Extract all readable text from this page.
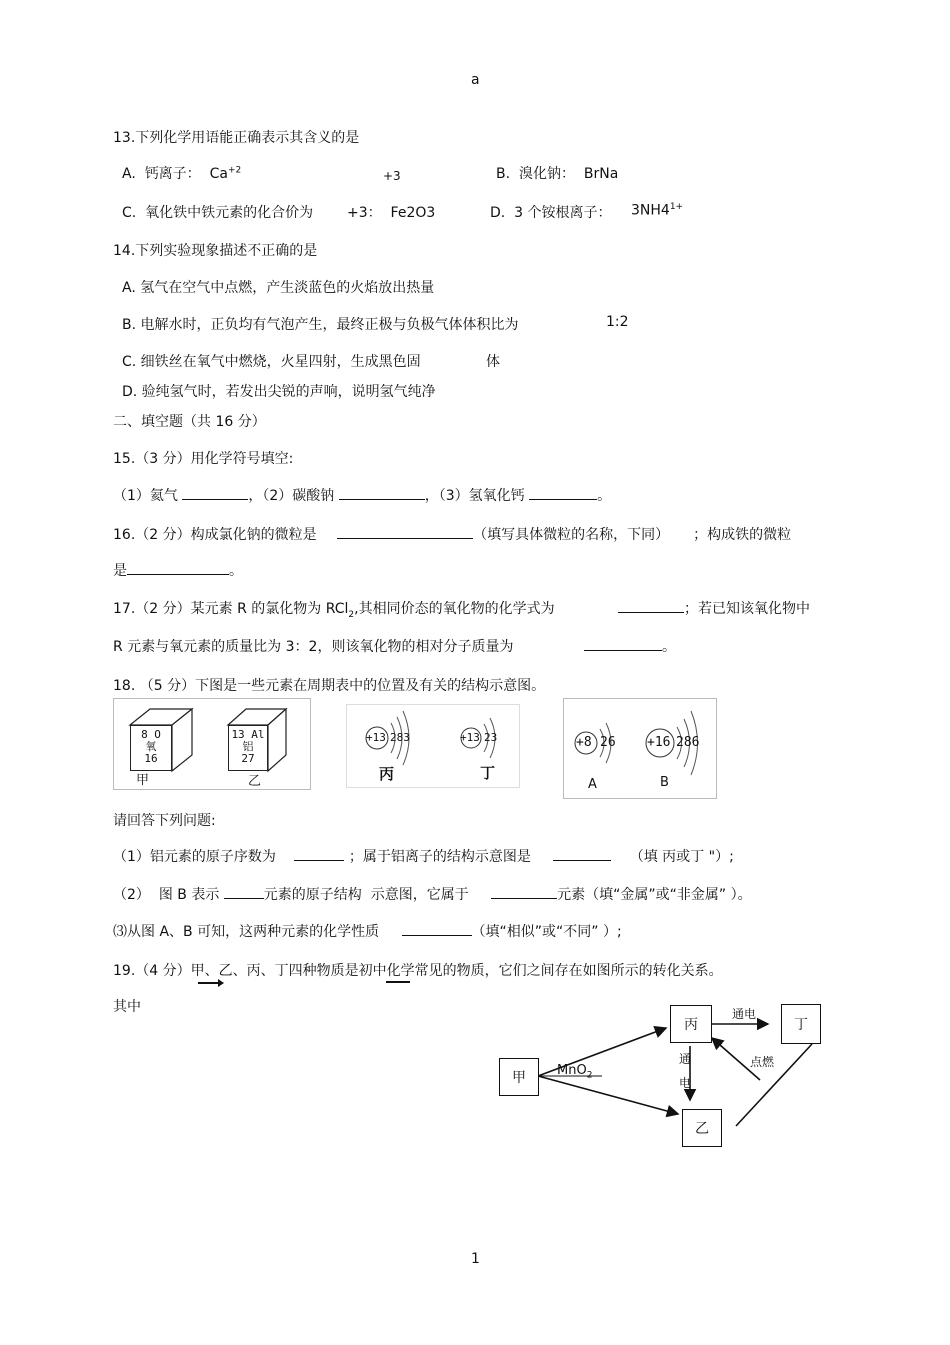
a
13.下列化学用语能正确表示其含义的是
A. 钙离子： $Ca^{+2}$	B. 溴化钠： BrNa
+3
C. 氧化铁中铁元素的化合价为 +3： Fe2O3	D. 3 个铵根离子： $3NH4^{1+}$
14.下列实验现象描述不正确的是
A. 氢气在空气中点燃，产生淡蓝色的火焰放出热量
B. 电解水时，正负均有气泡产生，最终正极与负极气体体积比为	1:2
C. 细铁丝在氧气中燃烧，火星四射，生成黑色固	体
D. 验纯氢气时，若发出尖锐的声响，说明氢气纯净
二、填空题（共 16 分）
15.（3 分）用化学符号填空:
（1）氦气	，（2）碳酸钠	，（3）氢氧化钙	。
16.（2 分）构成氯化钠的微粒是	（填写具体微粒的名称，下同） ；构成铁的微粒
是	。
17.（2 分）某元素 R 的氯化物为 RCl$_2$,其相同价态的氧化物的化学式为	；若已知该氧化物中
R 元素与氧元素的质量比为 3：2，则该氧化物的相对分子质量为	。
18. （5 分）下图是一些元素在周期表中的位置及有关的结构示意图。
8 O
氧
16
13 Al
铝
27
甲	乙
+13 283	+13 23
丙	丁
+8 26 +16 286
A	B
请回答下列问题:
（1）铝元素的原子序数为	；属于铝离子的结构示意图是	（填 丙或丁 "）;
（2） 图 B 表示	元素的原子结构 示意图，它属于	元素（填“金属”或“非金属” ）。
⑶从图 A、B 可知，这两种元素的化学性质	（填“相似”或“不同” ）;
19.（4 分）甲、乙、丙、丁四种物质是初中化学常见的物质，它们之间存在如图所示的转化关系。
其中
甲
丙	丁
乙
MnO$_2$
通电
通
电
点燃
1
